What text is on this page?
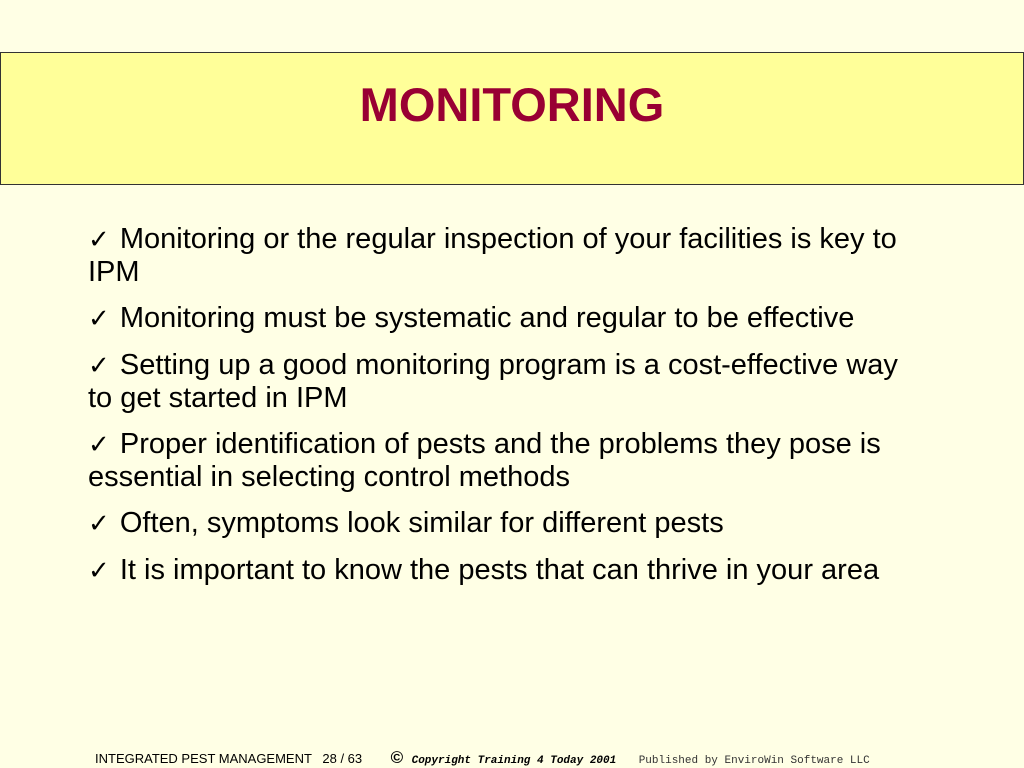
MONITORING
✓ Monitoring or the regular inspection of your facilities is key to IPM
✓ Monitoring must be systematic and regular to be effective
✓ Setting up a good monitoring program is a cost-effective way to get started in IPM
✓ Proper identification of pests and the problems they pose is essential in selecting control methods
✓ Often, symptoms look similar for different pests
✓ It is important to know the pests that can thrive in your area
INTEGRATED PEST MANAGEMENT 28 / 63 © Copyright Training 4 Today 2001 Published by EnviroWin Software LLC
